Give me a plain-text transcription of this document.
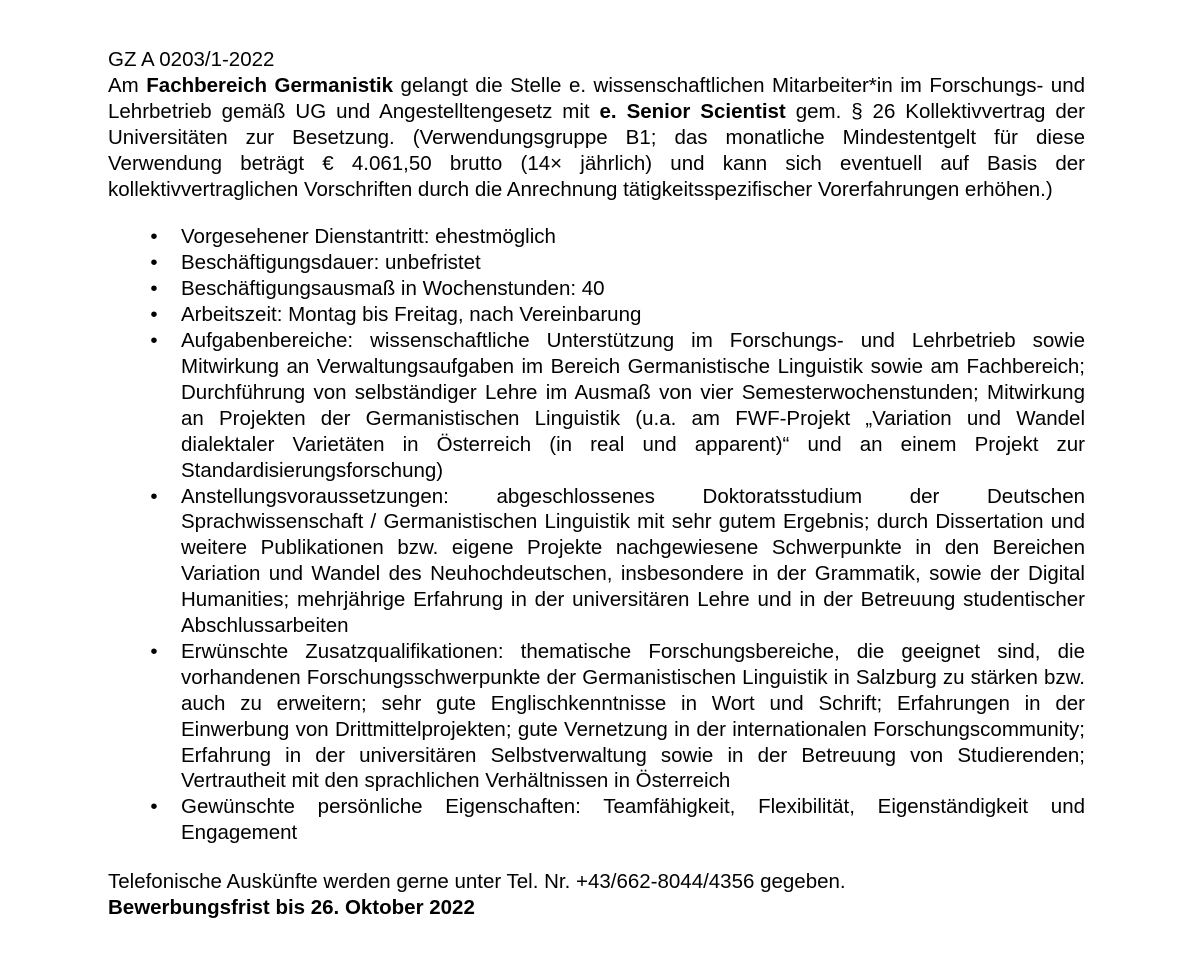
GZ A 0203/1-2022

Am Fachbereich Germanistik gelangt die Stelle e. wissenschaftlichen Mitarbeiter*in im Forschungs- und Lehrbetrieb gemäß UG und Angestelltengesetz mit e. Senior Scientist gem. § 26 Kollektivvertrag der Universitäten zur Besetzung. (Verwendungsgruppe B1; das monatliche Mindestentgelt für diese Verwendung beträgt € 4.061,50 brutto (14× jährlich) und kann sich eventuell auf Basis der kollektivvertraglichen Vorschriften durch die Anrechnung tätigkeitsspezifischer Vorerfahrungen erhöhen.)

•	Vorgesehener Dienstantritt: ehestmöglich
•	Beschäftigungsdauer: unbefristet
•	Beschäftigungsausmaß in Wochenstunden: 40
•	Arbeitszeit: Montag bis Freitag, nach Vereinbarung
•	Aufgabenbereiche: wissenschaftliche Unterstützung im Forschungs- und Lehrbetrieb sowie Mitwirkung an Verwaltungsaufgaben im Bereich Germanistische Linguistik sowie am Fachbereich; Durchführung von selbständiger Lehre im Ausmaß von vier Semesterwochenstunden; Mitwirkung an Projekten der Germanistischen Linguistik (u.a. am FWF-Projekt „Variation und Wandel dialektaler Varietäten in Österreich (in real und apparent)“ und an einem Projekt zur Standardisierungsforschung)
•	Anstellungsvoraussetzungen: abgeschlossenes Doktoratsstudium der Deutschen Sprachwissenschaft / Germanistischen Linguistik mit sehr gutem Ergebnis; durch Dissertation und weitere Publikationen bzw. eigene Projekte nachgewiesene Schwerpunkte in den Bereichen Variation und Wandel des Neuhochdeutschen, insbesondere in der Grammatik, sowie der Digital Humanities; mehrjährige Erfahrung in der universitären Lehre und in der Betreuung studentischer Abschlussarbeiten
•	Erwünschte Zusatzqualifikationen: thematische Forschungsbereiche, die geeignet sind, die vorhandenen Forschungsschwerpunkte der Germanistischen Linguistik in Salzburg zu stärken bzw. auch zu erweitern; sehr gute Englischkenntnisse in Wort und Schrift; Erfahrungen in der Einwerbung von Drittmittelprojekten; gute Vernetzung in der internationalen Forschungscommunity; Erfahrung in der universitären Selbstverwaltung sowie in der Betreuung von Studierenden; Vertrautheit mit den sprachlichen Verhältnissen in Österreich
•	Gewünschte persönliche Eigenschaften: Teamfähigkeit, Flexibilität, Eigenständigkeit und Engagement

Telefonische Auskünfte werden gerne unter Tel. Nr. +43/662-8044/4356 gegeben.

Bewerbungsfrist bis 26. Oktober 2022
